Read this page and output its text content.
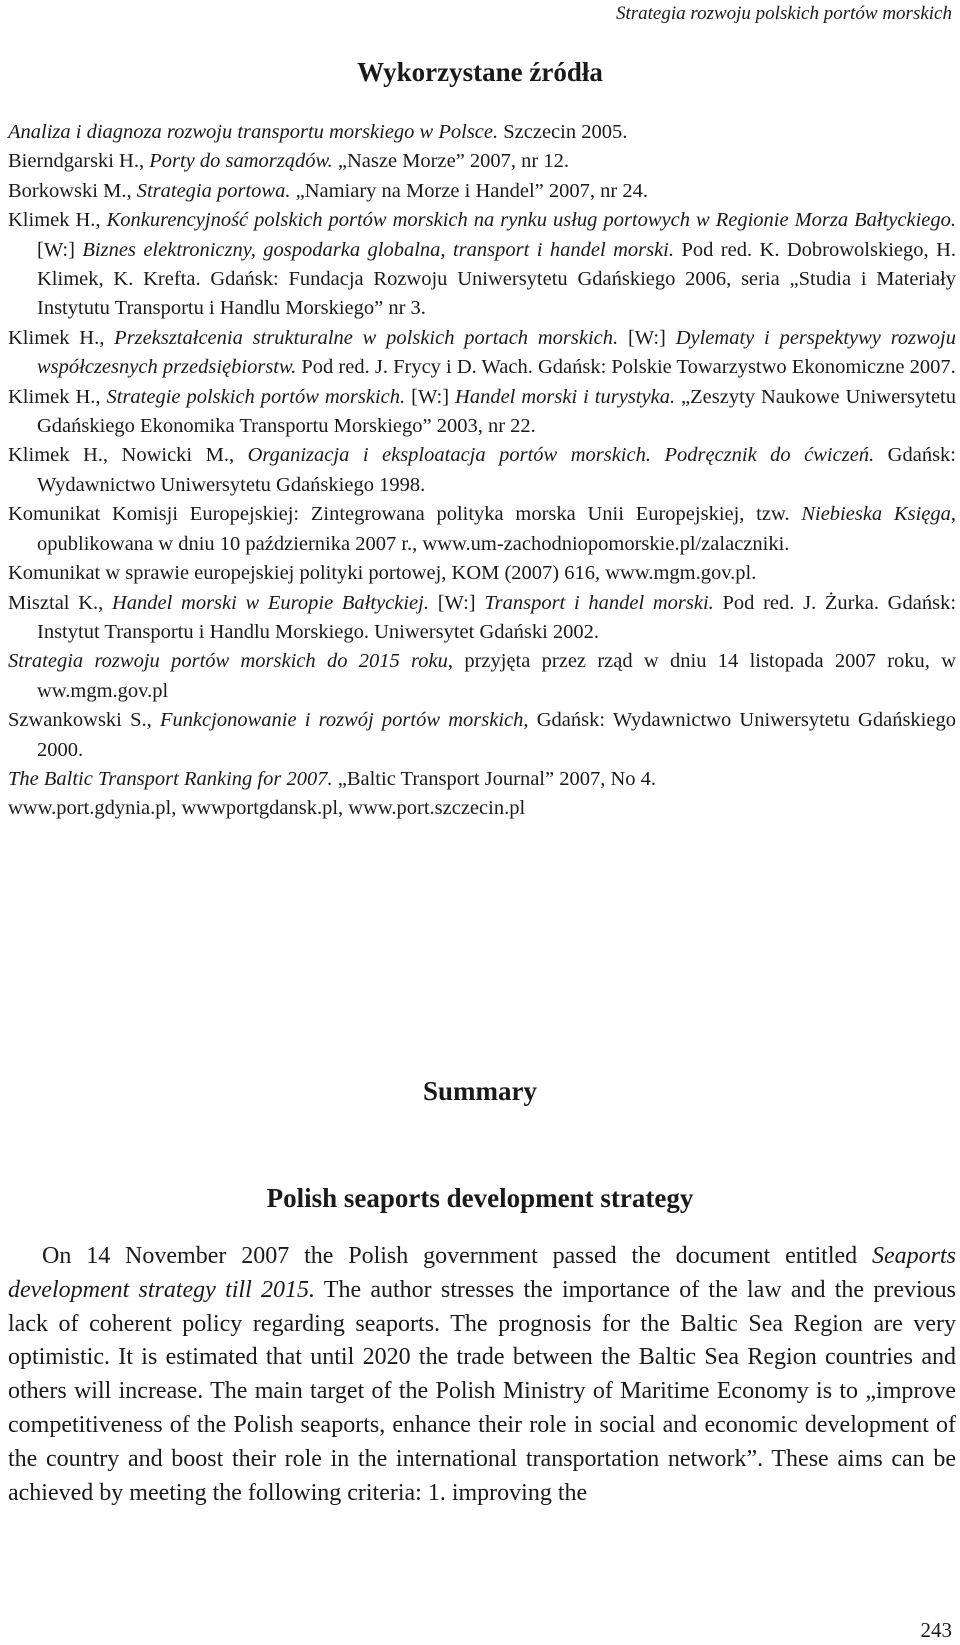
Strategia rozwoju polskich portów morskich
Wykorzystane źródła

Analiza i diagnoza rozwoju transportu morskiego w Polsce. Szczecin 2005.

Bierndgarski H., Porty do samorządów. „Nasze Morze” 2007, nr 12.

Borkowski M., Strategia portowa. „Namiary na Morze i Handel” 2007, nr 24.

Klimek H., Konkurencyjność polskich portów morskich na rynku usług portowych w Regionie Morza Bałtyckiego. [W:] Biznes elektroniczny, gospodarka globalna, transport i handel morski. Pod red. K. Dobrowolskiego, H. Klimek, K. Krefta. Gdańsk: Fundacja Rozwoju Uniwersytetu Gdańskiego 2006, seria „Studia i Materiały Instytutu Transportu i Handlu Morskiego” nr 3.

Klimek H., Przekształcenia strukturalne w polskich portach morskich. [W:] Dylematy i perspektywy rozwoju współczesnych przedsiębiorstw. Pod red. J. Frycy i D. Wach. Gdańsk: Polskie Towarzystwo Ekonomiczne 2007.

Klimek H., Strategie polskich portów morskich. [W:] Handel morski i turystyka. „Zeszyty Naukowe Uniwersytetu Gdańskiego Ekonomika Transportu Morskiego” 2003, nr 22.

Klimek H., Nowicki M., Organizacja i eksploatacja portów morskich. Podręcznik do ćwiczeń. Gdańsk: Wydawnictwo Uniwersytetu Gdańskiego 1998.

Komunikat Komisji Europejskiej: Zintegrowana polityka morska Unii Europejskiej, tzw. Niebieska Księga, opublikowana w dniu 10 października 2007 r., www.um-zachodniopomorskie.pl/zalaczniki.

Komunikat w sprawie europejskiej polityki portowej, KOM (2007) 616, www.mgm.gov.pl.

Misztal K., Handel morski w Europie Bałtyckiej. [W:] Transport i handel morski. Pod red. J. Żurka. Gdańsk: Instytut Transportu i Handlu Morskiego. Uniwersytet Gdański 2002.

Strategia rozwoju portów morskich do 2015 roku, przyjęta przez rząd w dniu 14 listopada 2007 roku, w ww.mgm.gov.pl

Szwankowski S., Funkcjonowanie i rozwój portów morskich, Gdańsk: Wydawnictwo Uniwersytetu Gdańskiego 2000.

The Baltic Transport Ranking for 2007. „Baltic Transport Journal” 2007, No 4.

www.port.gdynia.pl, wwwportgdansk.pl, www.port.szczecin.pl

Summary
Polish seaports development strategy

On 14 November 2007 the Polish government passed the document entitled Seaports development strategy till 2015. The author stresses the importance of the law and the previous lack of coherent policy regarding seaports. The prognosis for the Baltic Sea Region are very optimistic. It is estimated that until 2020 the trade between the Baltic Sea Region countries and others will increase. The main target of the Polish Ministry of Maritime Economy is to „improve competitiveness of the Polish seaports, enhance their role in social and economic development of the country and boost their role in the international transportation network”. These aims can be achieved by meeting the following criteria: 1. improving the

243
